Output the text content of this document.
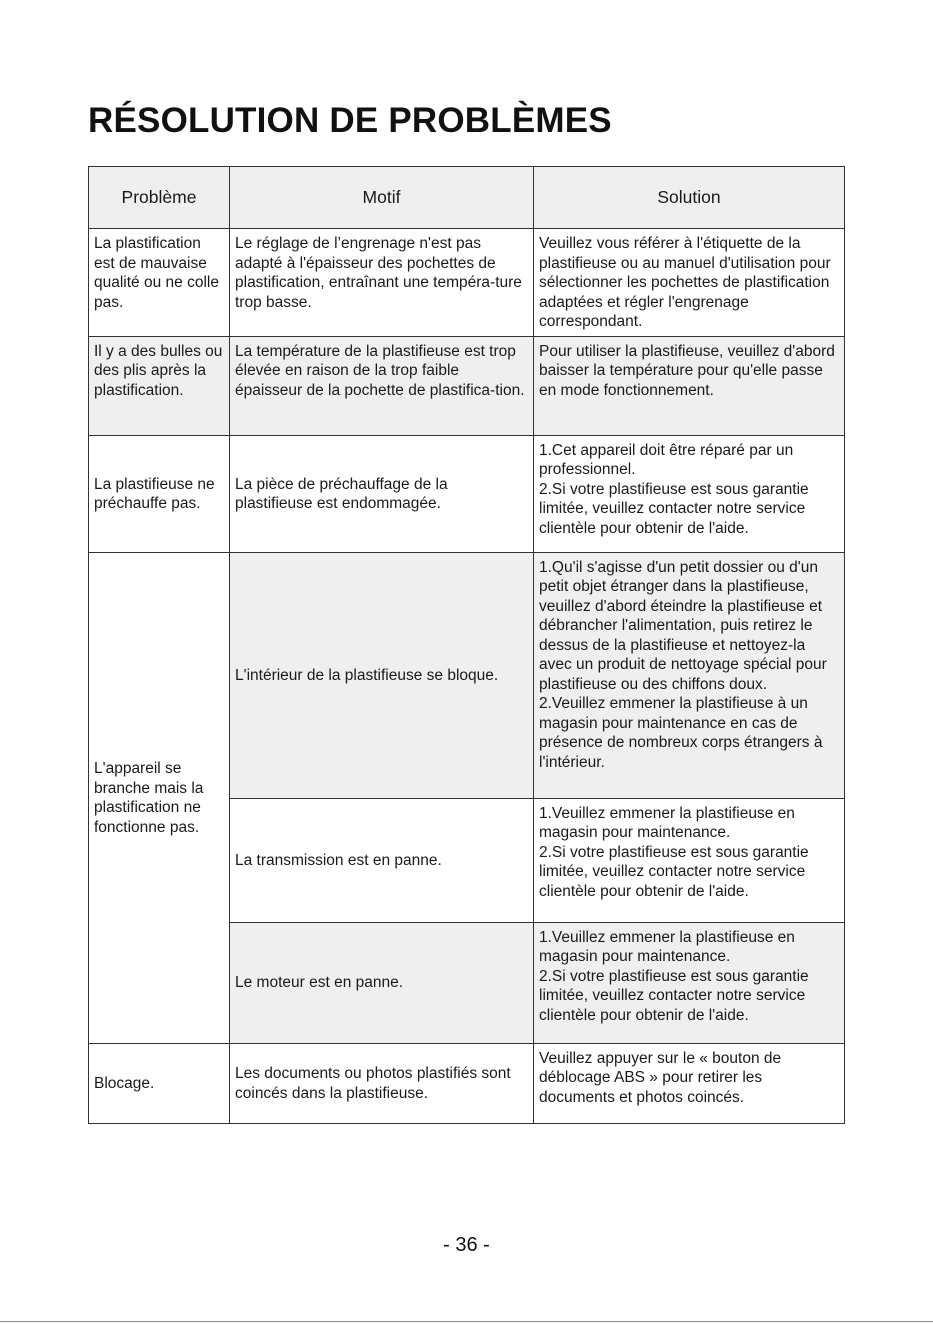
RÉSOLUTION DE PROBLÈMES
Problème	Motif	Solution
La plastification est de mauvaise qualité ou ne colle pas.	Le réglage de l’engrenage n'est pas adapté à l'épaisseur des pochettes de plastification, entraînant une tempéra-ture trop basse.	Veuillez vous référer à l'étiquette de la plastifieuse ou au manuel d'utilisation pour sélectionner les pochettes de plastification adaptées et régler l'engrenage correspondant.

Il y a des bulles ou des plis après la plastification.	La température de la plastifieuse est trop élevée en raison de la trop faible épaisseur de la pochette de plastifica-tion.	Pour utiliser la plastifieuse, veuillez d'abord baisser la température pour qu'elle passe en mode fonctionnement.

La plastifieuse ne préchauffe pas.	La pièce de préchauffage de la plastifieuse est endommagée.	1.Cet appareil doit être réparé par un professionnel.
2.Si votre plastifieuse est sous garantie limitée, veuillez contacter notre service clientèle pour obtenir de l'aide.

L'appareil se branche mais la plastification ne fonctionne pas.	L'intérieur de la plastifieuse se bloque.	1.Qu'il s'agisse d'un petit dossier ou d'un petit objet étranger dans la plastifieuse, veuillez d'abord éteindre la plastifieuse et débrancher l'alimentation, puis retirez le dessus de la plastifieuse et nettoyez-la avec un produit de nettoyage spécial pour plastifieuse ou des chiffons doux.
2.Veuillez emmener la plastifieuse à un magasin pour maintenance en cas de présence de nombreux corps étrangers à l'intérieur.

	La transmission est en panne.	1.Veuillez emmener la plastifieuse en magasin pour maintenance.
2.Si votre plastifieuse est sous garantie limitée, veuillez contacter notre service clientèle pour obtenir de l'aide.

	Le moteur est en panne.	1.Veuillez emmener la plastifieuse en magasin pour maintenance.
2.Si votre plastifieuse est sous garantie limitée, veuillez contacter notre service clientèle pour obtenir de l'aide.

Blocage.	Les documents ou photos plastifiés sont coincés dans la plastifieuse.	Veuillez appuyer sur le « bouton de déblocage ABS » pour retirer les documents et photos coincés.
- 36 -
